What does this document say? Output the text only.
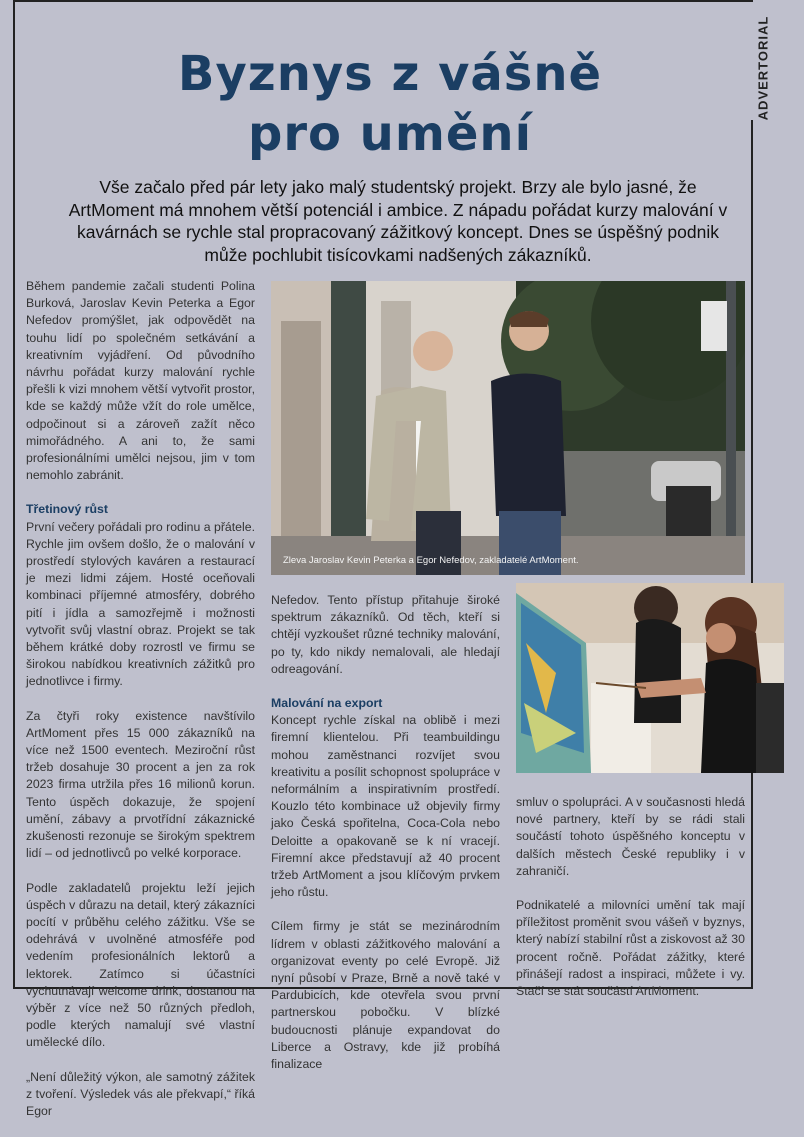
ADVERTORIAL
Byznys z vášně
pro umění
Vše začalo před pár lety jako malý studentský projekt. Brzy ale bylo jasné, že ArtMoment má mnohem větší potenciál i ambice. Z nápadu pořádat kurzy malování v kavárnách se rychle stal propracovaný zážitkový koncept. Dnes se úspěšný podnik může pochlubit tisícovkami nadšených zákazníků.

Během pandemie začali studenti Polina Burková, Jaroslav Kevin Peterka a Egor Nefedov promýšlet, jak odpovědět na touhu lidí po společném setkávání a kreativním vyjádření. Od původního návrhu pořádat kurzy malování rychle přešli k vizi mnohem větší vytvořit prostor, kde se každý může vžít do role umělce, odpočinout si a zároveň zažít něco mimořádného. A ani to, že sami profesionálními umělci nejsou, jim v tom nemohlo zabránit.

Třetinový růst

První večery pořádali pro rodinu a přátele. Rychle jim ovšem došlo, že o malování v prostředí stylových kaváren a restaurací je mezi lidmi zájem. Hosté oceňovali kombinaci příjemné atmosféry, dobrého pití i jídla a samozřejmě i možnosti vytvořit svůj vlastní obraz. Projekt se tak během krátké doby rozrostl ve firmu se širokou nabídkou kreativních zážitků pro jednotlivce i firmy.

Za čtyři roky existence navštívilo ArtMoment přes 15 000 zákazníků na více než 1500 eventech. Meziroční růst tržeb dosahuje 30 procent a jen za rok 2023 firma utržila přes 16 milionů korun. Tento úspěch dokazuje, že spojení umění, zábavy a prvotřídní zákaznické zkušenosti rezonuje se širokým spektrem lidí – od jednotlivců po velké korporace.

Podle zakladatelů projektu leží jejich úspěch v důrazu na detail, který zákazníci pocítí v průběhu celého zážitku. Vše se odehrává v uvolněné atmosféře pod vedením profesionálních lektorů a lektorek. Zatímco si účastníci vychutnávají welcome drink, dostanou na výběr z více než 50 různých předloh, podle kterých namalují své vlastní umělecké dílo.

„Není důležitý výkon, ale samotný zážitek z tvoření. Výsledek vás ale překvapí,“ říká Egor

Zleva Jaroslav Kevin Peterka a Egor Nefedov, zakladatelé ArtMoment.

Nefedov. Tento přístup přitahuje široké spektrum zákazníků. Od těch, kteří si chtějí vyzkoušet různé techniky malování, po ty, kdo nikdy nemalovali, ale hledají odreagování.

Malování na export

Koncept rychle získal na oblibě i mezi firemní klientelou. Při teambuildingu mohou zaměstnanci rozvíjet svou kreativitu a posílit schopnost spolupráce v neformálním a inspirativním prostředí. Kouzlo této kombinace už objevily firmy jako Česká spořitelna, Coca-Cola nebo Deloitte a opakovaně se k ní vracejí. Firemní akce představují až 40 procent tržeb ArtMoment a jsou klíčovým prvkem jeho růstu.

Cílem firmy je stát se mezinárodním lídrem v oblasti zážitkového malování a organizovat eventy po celé Evropě. Již nyní působí v Praze, Brně a nově také v Pardubicích, kde otevřela svou první partnerskou pobočku. V blízké budoucnosti plánuje expandovat do Liberce a Ostravy, kde již probíhá finalizace

smluv o spolupráci. A v současnosti hledá nové partnery, kteří by se rádi stali součástí tohoto úspěšného konceptu v dalších městech České republiky i v zahraničí.

Podnikatelé a milovníci umění tak mají příležitost proměnit svou vášeň v byznys, který nabízí stabilní růst a ziskovost až 30 procent ročně. Pořádat zážitky, které přinášejí radost a inspiraci, můžete i vy. Stačí se stát součástí ArtMoment.
